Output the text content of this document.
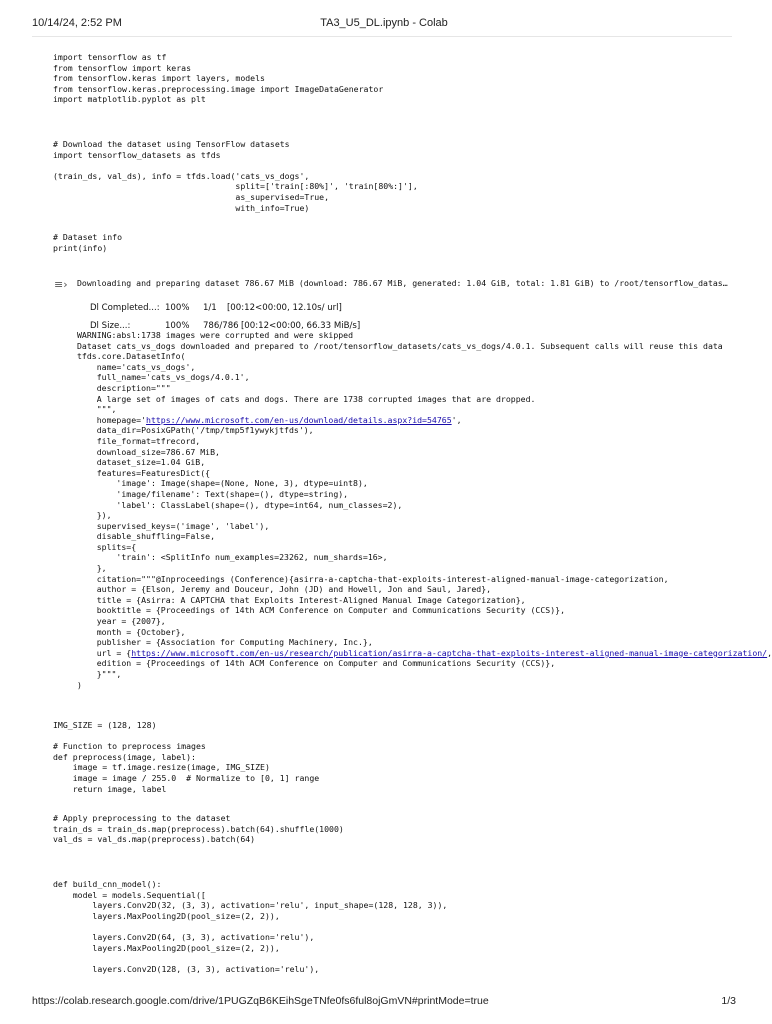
10/14/24, 2:52 PM	TA3_U5_DL.ipynb - Colab
import tensorflow as tf
from tensorflow import keras
from tensorflow.keras import layers, models
from tensorflow.keras.preprocessing.image import ImageDataGenerator
import matplotlib.pyplot as plt
# Download the dataset using TensorFlow datasets
import tensorflow_datasets as tfds

(train_ds, val_ds), info = tfds.load('cats_vs_dogs',
split=['train[:80%]', 'train[80%:]'],
as_supervised=True,
with_info=True)
# Dataset info
print(info)
≡› Downloading and preparing dataset 786.67 MiB (download: 786.67 MiB, generated: 1.04 GiB, total: 1.81 GiB) to /root/tensorflow_datas…

Dl Completed...: 100% 1/1 [00:12<00:00, 12.10s/ url]

Dl Size...:	100% 786/786 [00:12<00:00, 66.33 MiB/s]

WARNING:absl:1738 images were corrupted and were skipped
Dataset cats_vs_dogs downloaded and prepared to /root/tensorflow_datasets/cats_vs_dogs/4.0.1. Subsequent calls will reuse this data
tfds.core.DatasetInfo(
name='cats_vs_dogs',
full_name='cats_vs_dogs/4.0.1',
description="""
A large set of images of cats and dogs. There are 1738 corrupted images that are dropped.
""",
homepage='https://www.microsoft.com/en-us/download/details.aspx?id=54765',
data_dir=PosixGPath('/tmp/tmp5f1ywykjtfds'),
file_format=tfrecord,
download_size=786.67 MiB,
dataset_size=1.04 GiB,
features=FeaturesDict({
'image': Image(shape=(None, None, 3), dtype=uint8),
'image/filename': Text(shape=(), dtype=string),
'label': ClassLabel(shape=(), dtype=int64, num_classes=2),
}),
supervised_keys=('image', 'label'),
disable_shuffling=False,
splits={
'train': <SplitInfo num_examples=23262, num_shards=16>,
},
citation="""@Inproceedings (Conference){asirra-a-captcha-that-exploits-interest-aligned-manual-image-categorization,
author = {Elson, Jeremy and Douceur, John (JD) and Howell, Jon and Saul, Jared},
title = {Asirra: A CAPTCHA that Exploits Interest-Aligned Manual Image Categorization},
booktitle = {Proceedings of 14th ACM Conference on Computer and Communications Security (CCS)},
year = {2007},
month = {October},
publisher = {Association for Computing Machinery, Inc.},
url = {https://www.microsoft.com/en-us/research/publication/asirra-a-captcha-that-exploits-interest-aligned-manual-image-categorization/,
edition = {Proceedings of 14th ACM Conference on Computer and Communications Security (CCS)},
}""",
)
IMG_SIZE = (128, 128)

# Function to preprocess images
def preprocess(image, label):
image = tf.image.resize(image, IMG_SIZE)
image = image / 255.0  # Normalize to [0, 1] range
return image, label
# Apply preprocessing to the dataset
train_ds = train_ds.map(preprocess).batch(64).shuffle(1000)
val_ds = val_ds.map(preprocess).batch(64)
def build_cnn_model():
model = models.Sequential([
layers.Conv2D(32, (3, 3), activation='relu', input_shape=(128, 128, 3)),
layers.MaxPooling2D(pool_size=(2, 2)),

layers.Conv2D(64, (3, 3), activation='relu'),
layers.MaxPooling2D(pool_size=(2, 2)),

layers.Conv2D(128, (3, 3), activation='relu'),
https://colab.research.google.com/drive/1PUGZqB6KEihSgeTNfe0fs6ful8ojGmVN#printMode=true	1/3
